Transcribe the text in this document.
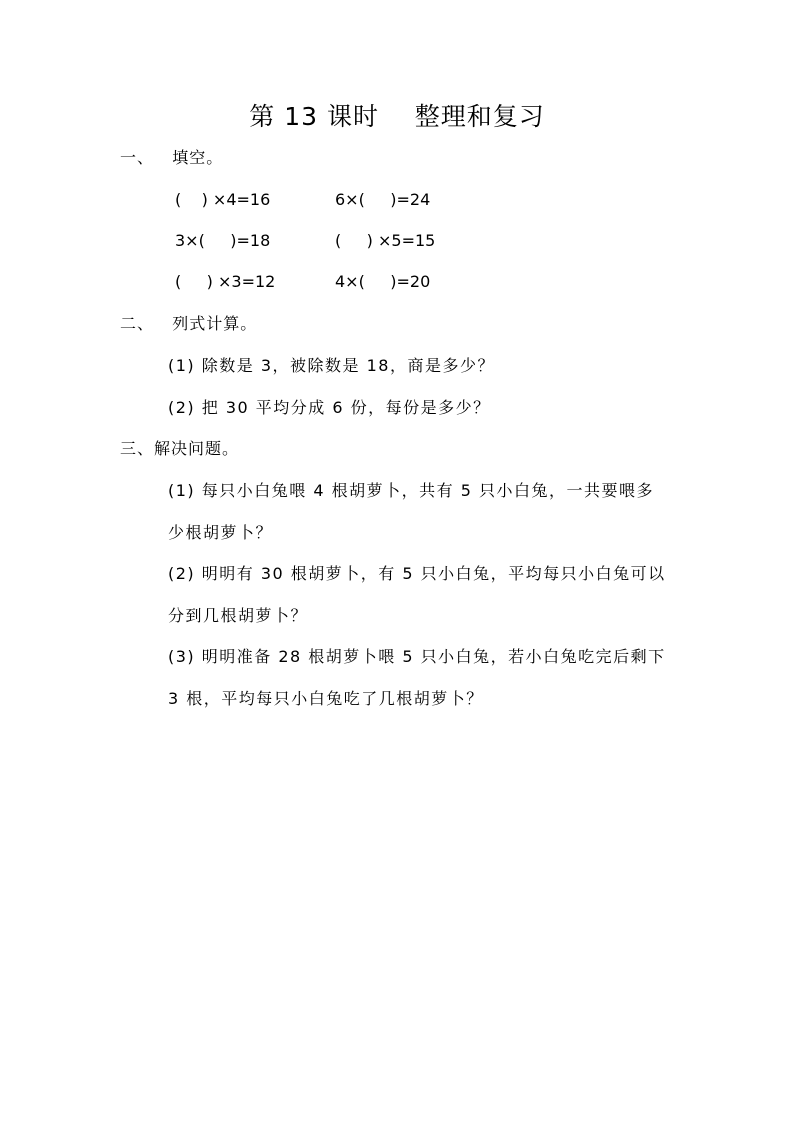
第 13 课时    整理和复习
一、   填空。
(    ) ×4=16	6×(     )=24
3×(     )=18	(     ) ×5=15
(     ) ×3=12	4×(     )=20
二、   列式计算。
(1) 除数是 3，被除数是 18，商是多少？
(2) 把 30 平均分成 6 份，每份是多少？
三、解决问题。
(1) 每只小白兔喂 4 根胡萝卜，共有 5 只小白兔，一共要喂多
少根胡萝卜？
(2) 明明有 30 根胡萝卜，有 5 只小白兔，平均每只小白兔可以
分到几根胡萝卜？
(3) 明明准备 28 根胡萝卜喂 5 只小白兔，若小白兔吃完后剩下
3 根，平均每只小白兔吃了几根胡萝卜？
